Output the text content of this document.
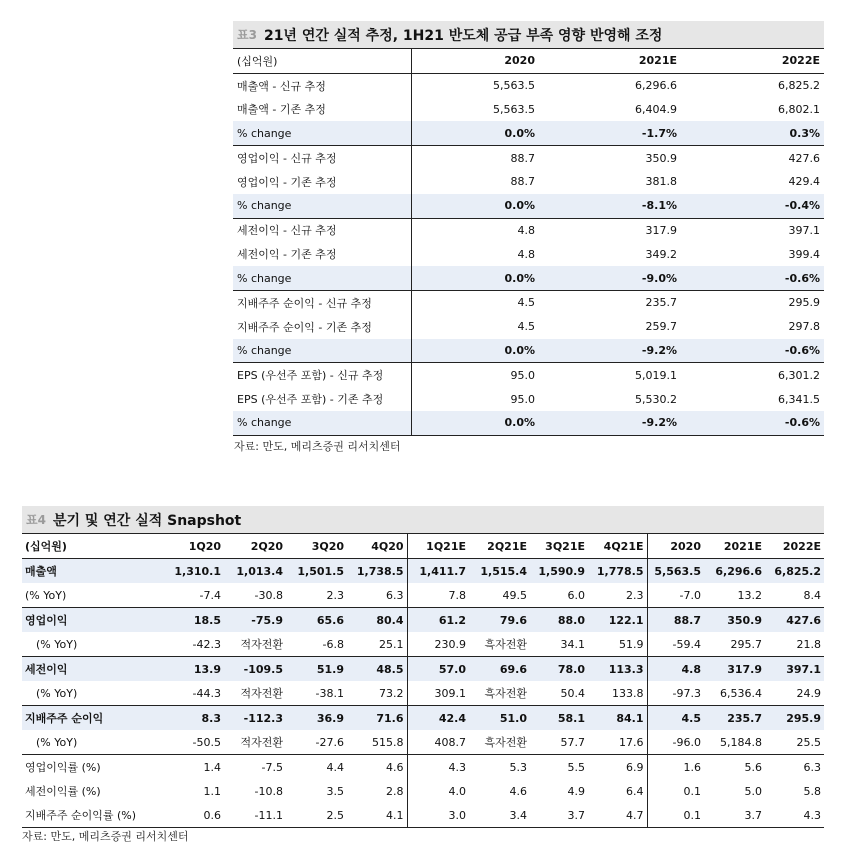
표3 21년 연간 실적 추정, 1H21 반도체 공급 부족 영향 반영해 조정
(십억원)	2020	2021E	2022E
매출액 - 신규 추정	5,563.5	6,296.6	6,825.2
매출액 - 기존 추정	5,563.5	6,404.9	6,802.1
% change	0.0%	-1.7%	0.3%
영업이익 - 신규 추정	88.7	350.9	427.6
영업이익 - 기존 추정	88.7	381.8	429.4
% change	0.0%	-8.1%	-0.4%
세전이익 - 신규 추정	4.8	317.9	397.1
세전이익 - 기존 추정	4.8	349.2	399.4
% change	0.0%	-9.0%	-0.6%
지배주주 순이익 - 신규 추정	4.5	235.7	295.9
지배주주 순이익 - 기존 추정	4.5	259.7	297.8
% change	0.0%	-9.2%	-0.6%
EPS (우선주 포함) - 신규 추정	95.0	5,019.1	6,301.2
EPS (우선주 포함) - 기존 추정	95.0	5,530.2	6,341.5
% change	0.0%	-9.2%	-0.6%
자료: 만도, 메리츠증권 리서치센터
표4 분기 및 연간 실적 Snapshot
(십억원)	1Q20	2Q20	3Q20	4Q20	1Q21E	2Q21E	3Q21E	4Q21E	2020	2021E	2022E
매출액	1,310.1	1,013.4	1,501.5	1,738.5	1,411.7	1,515.4	1,590.9	1,778.5	5,563.5	6,296.6	6,825.2
(% YoY)	-7.4	-30.8	2.3	6.3	7.8	49.5	6.0	2.3	-7.0	13.2	8.4
영업이익	18.5	-75.9	65.6	80.4	61.2	79.6	88.0	122.1	88.7	350.9	427.6
(% YoY)	-42.3	적자전환	-6.8	25.1	230.9	흑자전환	34.1	51.9	-59.4	295.7	21.8
세전이익	13.9	-109.5	51.9	48.5	57.0	69.6	78.0	113.3	4.8	317.9	397.1
(% YoY)	-44.3	적자전환	-38.1	73.2	309.1	흑자전환	50.4	133.8	-97.3	6,536.4	24.9
지배주주 순이익	8.3	-112.3	36.9	71.6	42.4	51.0	58.1	84.1	4.5	235.7	295.9
(% YoY)	-50.5	적자전환	-27.6	515.8	408.7	흑자전환	57.7	17.6	-96.0	5,184.8	25.5
영업이익률 (%)	1.4	-7.5	4.4	4.6	4.3	5.3	5.5	6.9	1.6	5.6	6.3
세전이익률 (%)	1.1	-10.8	3.5	2.8	4.0	4.6	4.9	6.4	0.1	5.0	5.8
지배주주 순이익률 (%)	0.6	-11.1	2.5	4.1	3.0	3.4	3.7	4.7	0.1	3.7	4.3
자료: 만도, 메리츠증권 리서치센터
